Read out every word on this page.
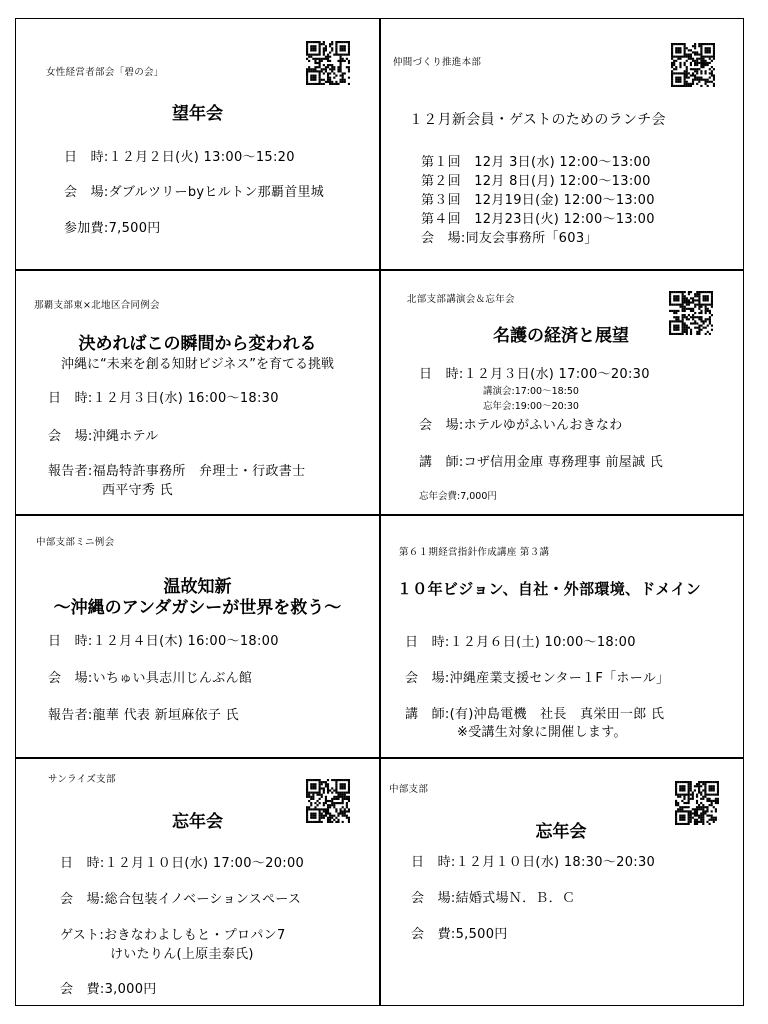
女性経営者部会「碧の会」
望年会
日　時:１２月２日(火) 13:00～15:20
会　場:ダブルツリーbyヒルトン那覇首里城
参加費:7,500円
仲間づくり推進本部
１２月新会員・ゲストのためのランチ会
第１回　12月 3日(水) 12:00～13:00
第２回　12月 8日(月) 12:00～13:00
第３回　12月19日(金) 12:00～13:00
第４回　12月23日(火) 12:00～13:00
会　場:同友会事務所「603」
那覇支部東×北地区合同例会
決めればこの瞬間から変われる
沖縄に“未来を創る知財ビジネス”を育てる挑戦
日　時:１２月３日(水) 16:00～18:30
会　場:沖縄ホテル
報告者:福島特許事務所　弁理士・行政書士
西平守秀 氏
北部支部講演会＆忘年会
名護の経済と展望
日　時:１２月３日(水) 17:00～20:30
講演会:17:00～18:50
忘年会:19:00～20:30
会　場:ホテルゆがふいんおきなわ
講　師:コザ信用金庫 専務理事 前屋誠 氏
忘年会費:7,000円
中部支部ミニ例会
温故知新
～沖縄のアンダガシーが世界を救う～
日　時:１２月４日(木) 16:00～18:00
会　場:いちゅい具志川じんぶん館
報告者:龍華 代表 新垣麻依子 氏
第６１期経営指針作成講座 第３講
１０年ビジョン、自社・外部環境、ドメイン
日　時:１２月６日(土) 10:00～18:00
会　場:沖縄産業支援センター１F「ホール」
講　師:(有)沖島電機　社長　真栄田一郎 氏
※受講生対象に開催します。
サンライズ支部
忘年会
日　時:１２月１０日(水) 17:00～20:00
会　場:総合包装イノベーションスペース
ゲスト:おきなわよしもと・プロパン7
けいたりん(上原圭泰氏)
会　費:3,000円
中部支部
忘年会
日　時:１２月１０日(水) 18:30～20:30
会　場:結婚式場Ｎ．Ｂ．Ｃ
会　費:5,500円
